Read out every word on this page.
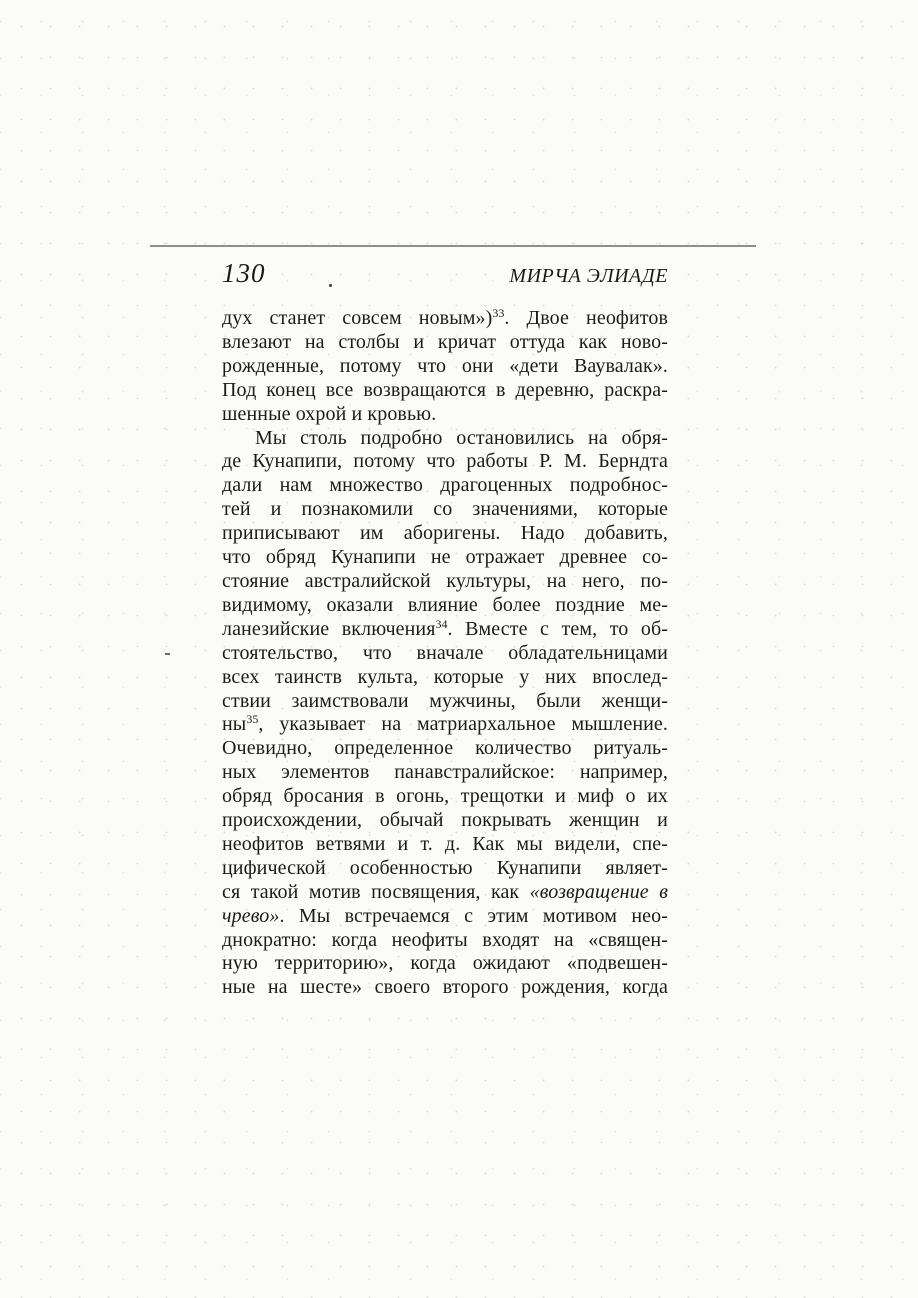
130	МИРЧА ЭЛИАДЕ
дух станет совсем новым»)$^{33}$. Двое неофитов
влезают на столбы и кричат оттуда как ново-
рожденные, потому что они «дети Ваувалак».
Под конец все возвращаются в деревню, раскра-
шенные охрой и кровью.
Мы столь подробно остановились на обря-
де Кунапипи, потому что работы Р. М. Берндта
дали нам множество драгоценных подробнос-
тей и познакомили со значениями, которые
приписывают им аборигены. Надо добавить,
что обряд Кунапипи не отражает древнее со-
стояние австралийской культуры, на него, по-
видимому, оказали влияние более поздние ме-
ланезийские включения$^{34}$. Вместе с тем, то об-
стоятельство, что вначале обладательницами
всех таинств культа, которые у них впослед-
ствии заимствовали мужчины, были женщи-
$ны^{35}$, указывает на матриархальное мышление.
Очевидно, определенное количество ритуаль-
ных элементов панавстралийское: например,
обряд бросания в огонь, трещотки и миф о их
происхождении, обычай покрывать женщин и
неофитов ветвями и т. д. Как мы видели, спе-
цифической особенностью Кунапипи являет-
ся такой мотив посвящения, как «возвращение в
чрево». Мы встречаемся с этим мотивом нео-
днократно: когда неофиты входят на «священ-
ную территорию», когда ожидают «подвешен-
ные на шесте» своего второго рождения, когда
